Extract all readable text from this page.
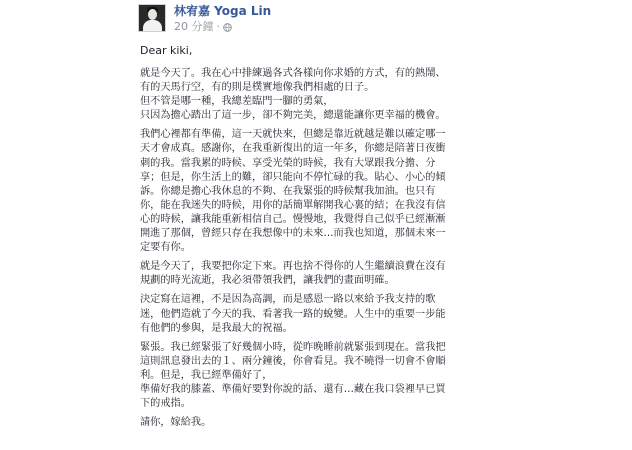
林宥嘉 Yoga Lin
20 分鐘 ·
Dear kiki,
就是今天了。我在心中排練過各式各樣向你求婚的方式，有的熱鬧、
有的天馬行空，有的則是樸實地像我們相處的日子。
但不管是哪一種，我總差臨門一腳的勇氣，
只因為擔心踏出了這一步，卻不夠完美，總還能讓你更幸福的機會。
我們心裡都有準備，這一天就快來，但總是靠近就越是難以確定哪一
天才會成真。感謝你，在我重新復出的這一年多，你總是陪著日夜衝
刺的我。當我累的時候、享受光榮的時候，我有大眾跟我分擔、分
享；但是，你生活上的難，卻只能向不停忙碌的我。貼心、小心的傾
訴。你總是擔心我休息的不夠、在我緊張的時候幫我加油。也只有
你，能在我迷失的時候，用你的話簡單解開我心裏的結；在我沒有信
心的時候，讓我能重新相信自己。慢慢地，我覺得自己似乎已經漸漸
開進了那個，曾經只存在我想像中的未來…而我也知道，那個未來一
定要有你。
就是今天了，我要把你定下來。再也捨不得你的人生繼續浪費在沒有
規劃的時光流逝，我必須帶領我們，讓我們的畫面明確。
決定寫在這裡，不是因為高調，而是感恩一路以來給予我支持的歌
迷，他們造就了今天的我、看著我一路的蛻變。人生中的重要一步能
有他們的參與，是我最大的祝福。
緊張。我已經緊張了好幾個小時，從昨晚睡前就緊張到現在。當我把
這則訊息發出去的１、兩分鐘後，你會看見。我不曉得一切會不會順
利。但是，我已經準備好了，
準備好我的膝蓋、準備好要對你說的話、還有…藏在我口袋裡早已買
下的戒指。
請你，嫁給我。
